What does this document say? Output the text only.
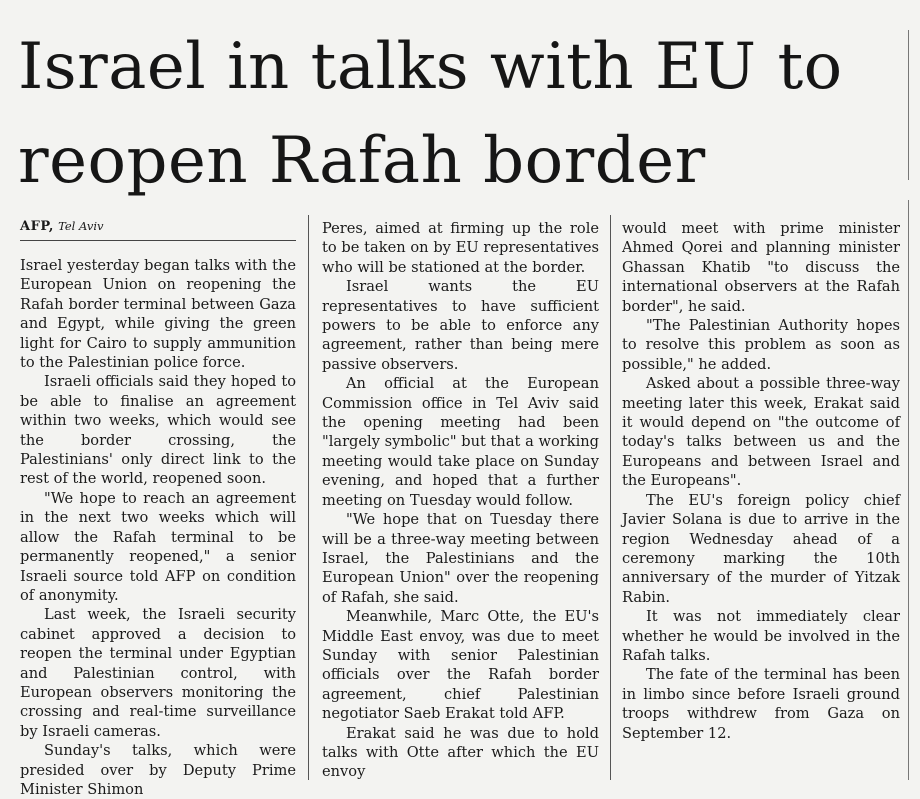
Israel in talks with EU to reopen Rafah border
AFP, Tel Aviv

Israel yesterday began talks with the European Union on reopening the Rafah border terminal between Gaza and Egypt, while giving the green light for Cairo to supply ammunition to the Palestinian police force.

Israeli officials said they hoped to be able to finalise an agreement within two weeks, which would see the border crossing, the Palestinians' only direct link to the rest of the world, reopened soon.

"We hope to reach an agreement in the next two weeks which will allow the Rafah terminal to be permanently reopened," a senior Israeli source told AFP on condition of anonymity.

Last week, the Israeli security cabinet approved a decision to reopen the terminal under Egyptian and Palestinian control, with European observers monitoring the crossing and real-time surveillance by Israeli cameras.

Sunday's talks, which were presided over by Deputy Prime Minister Shimon

Peres, aimed at firming up the role to be taken on by EU representatives who will be stationed at the border.

Israel wants the EU representatives to have sufficient powers to be able to enforce any agreement, rather than being mere passive observers.

An official at the European Commission office in Tel Aviv said the opening meeting had been "largely symbolic" but that a working meeting would take place on Sunday evening, and hoped that a further meeting on Tuesday would follow.

"We hope that on Tuesday there will be a three-way meeting between Israel, the Palestinians and the European Union" over the reopening of Rafah, she said.

Meanwhile, Marc Otte, the EU's Middle East envoy, was due to meet Sunday with senior Palestinian officials over the Rafah border agreement, chief Palestinian negotiator Saeb Erakat told AFP.

Erakat said he was due to hold talks with Otte after which the EU envoy

would meet with prime minister Ahmed Qorei and planning minister Ghassan Khatib "to discuss the international observers at the Rafah border", he said.

"The Palestinian Authority hopes to resolve this problem as soon as possible," he added.

Asked about a possible three-way meeting later this week, Erakat said it would depend on "the outcome of today's talks between us and the Europeans and between Israel and the Europeans".

The EU's foreign policy chief Javier Solana is due to arrive in the region Wednesday ahead of a ceremony marking the 10th anniversary of the murder of Yitzak Rabin.

It was not immediately clear whether he would be involved in the Rafah talks.

The fate of the terminal has been in limbo since before Israeli ground troops withdrew from Gaza on September 12.
